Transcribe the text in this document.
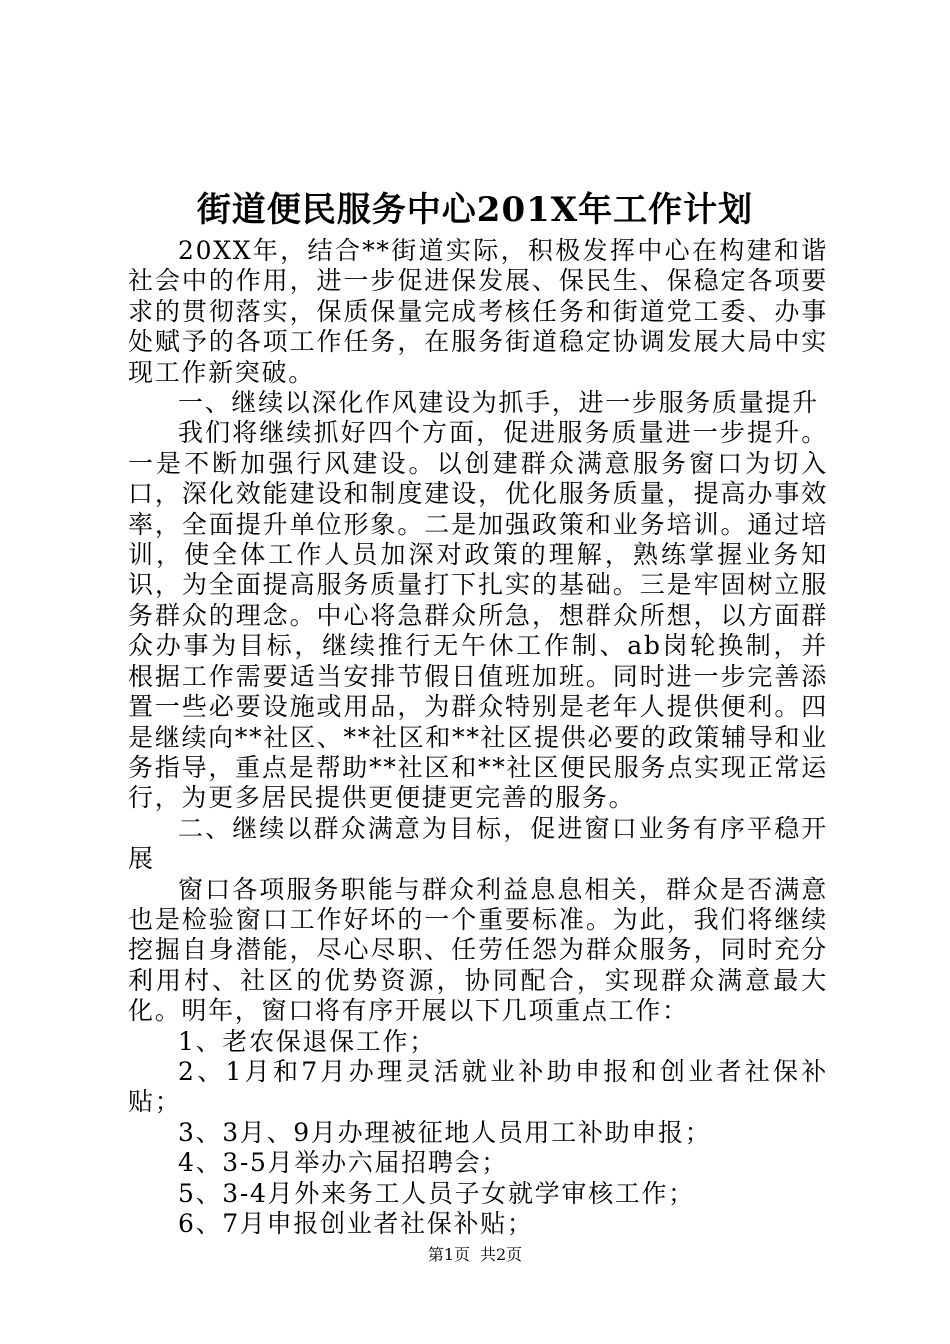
街道便民服务中心201X年工作计划

20XX年，结合**街道实际，积极发挥中心在构建和谐社会中的作用，进一步促进保发展、保民生、保稳定各项要求的贯彻落实，保质保量完成考核任务和街道党工委、办事处赋予的各项工作任务，在服务街道稳定协调发展大局中实现工作新突破。

一、继续以深化作风建设为抓手，进一步服务质量提升

我们将继续抓好四个方面，促进服务质量进一步提升。一是不断加强行风建设。以创建群众满意服务窗口为切入口，深化效能建设和制度建设，优化服务质量，提高办事效率，全面提升单位形象。二是加强政策和业务培训。通过培训，使全体工作人员加深对政策的理解，熟练掌握业务知识，为全面提高服务质量打下扎实的基础。三是牢固树立服务群众的理念。中心将急群众所急，想群众所想，以方面群众办事为目标，继续推行无午休工作制、ab岗轮换制，并根据工作需要适当安排节假日值班加班。同时进一步完善添置一些必要设施或用品，为群众特别是老年人提供便利。四是继续向**社区、**社区和**社区提供必要的政策辅导和业务指导，重点是帮助**社区和**社区便民服务点实现正常运行，为更多居民提供更便捷更完善的服务。

二、继续以群众满意为目标，促进窗口业务有序平稳开展

窗口各项服务职能与群众利益息息相关，群众是否满意也是检验窗口工作好坏的一个重要标准。为此，我们将继续挖掘自身潜能，尽心尽职、任劳任怨为群众服务，同时充分利用村、社区的优势资源，协同配合，实现群众满意最大化。明年，窗口将有序开展以下几项重点工作：

1、老农保退保工作；

2、1月和7月办理灵活就业补助申报和创业者社保补贴；

3、3月、9月办理被征地人员用工补助申报；

4、3-5月举办六届招聘会；

5、3-4月外来务工人员子女就学审核工作；

6、7月申报创业者社保补贴；

第1页 共2页
